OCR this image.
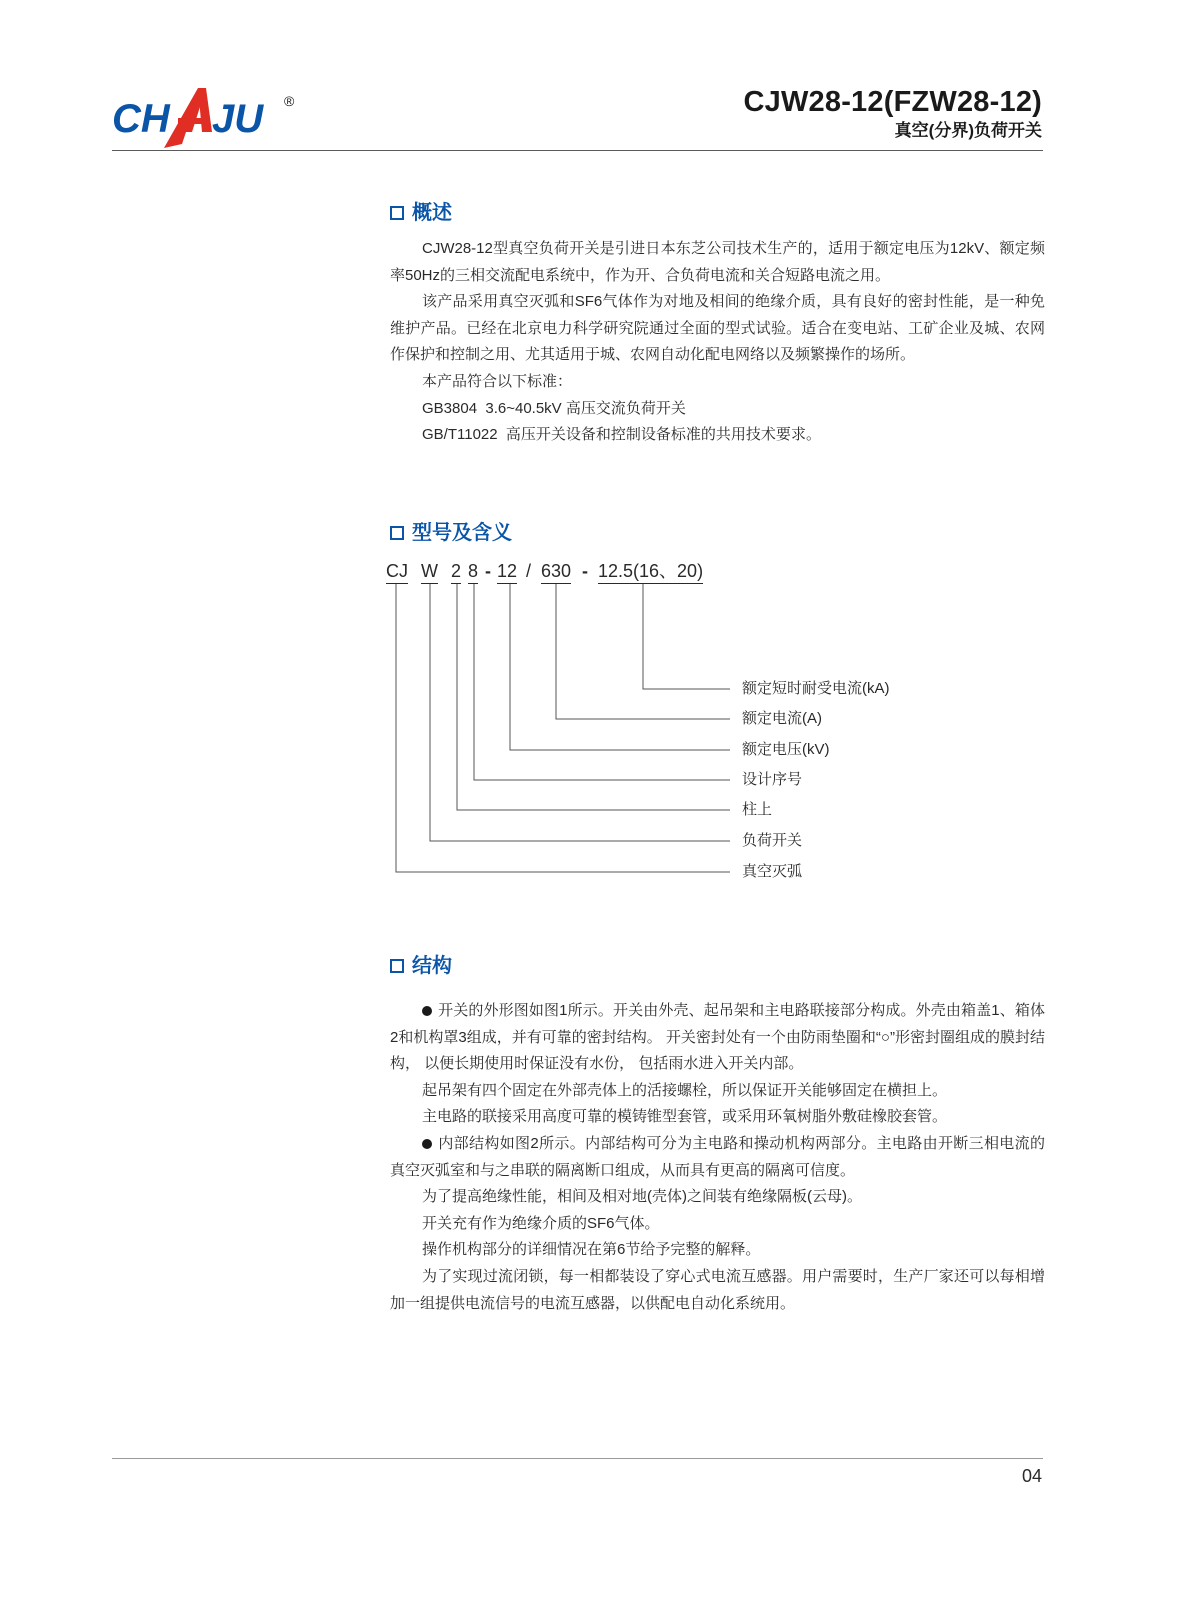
CH JU ®	CJW28-12(FZW28-12)
真空(分界)负荷开关
概述

CJW28-12型真空负荷开关是引进日本东芝公司技术生产的，适用于额定电压为12kV、额定频率50Hz的三相交流配电系统中，作为开、合负荷电流和关合短路电流之用。

该产品采用真空灭弧和SF6气体作为对地及相间的绝缘介质，具有良好的密封性能，是一种免维护产品。已经在北京电力科学研究院通过全面的型式试验。适合在变电站、工矿企业及城、农网作保护和控制之用、尤其适用于城、农网自动化配电网络以及频繁操作的场所。

本产品符合以下标准：

GB3804  3.6~40.5kV 高压交流负荷开关

GB/T11022  高压开关设备和控制设备标准的共用技术要求。

型号及含义
CJ W 2 8 - 12 / 630 - 12.5(16、20)
额定短时耐受电流(kA)
额定电流(A)
额定电压(kV)
设计序号
柱上
负荷开关
真空灭弧
结构

开关的外形图如图1所示。开关由外壳、起吊架和主电路联接部分构成。外壳由箱盖1、箱体2和机构罩3组成，并有可靠的密封结构。 开关密封处有一个由防雨垫圈和“○”形密封圈组成的膜封结构， 以便长期使用时保证没有水份， 包括雨水进入开关内部。

起吊架有四个固定在外部壳体上的活接螺栓，所以保证开关能够固定在横担上。

主电路的联接采用高度可靠的模铸锥型套管，或采用环氧树脂外敷硅橡胶套管。

内部结构如图2所示。内部结构可分为主电路和操动机构两部分。主电路由开断三相电流的真空灭弧室和与之串联的隔离断口组成，从而具有更高的隔离可信度。

为了提高绝缘性能，相间及相对地(壳体)之间装有绝缘隔板(云母)。

开关充有作为绝缘介质的SF6气体。

操作机构部分的详细情况在第6节给予完整的解释。

为了实现过流闭锁，每一相都装设了穿心式电流互感器。用户需要时，生产厂家还可以每相增加一组提供电流信号的电流互感器，以供配电自动化系统用。

04
